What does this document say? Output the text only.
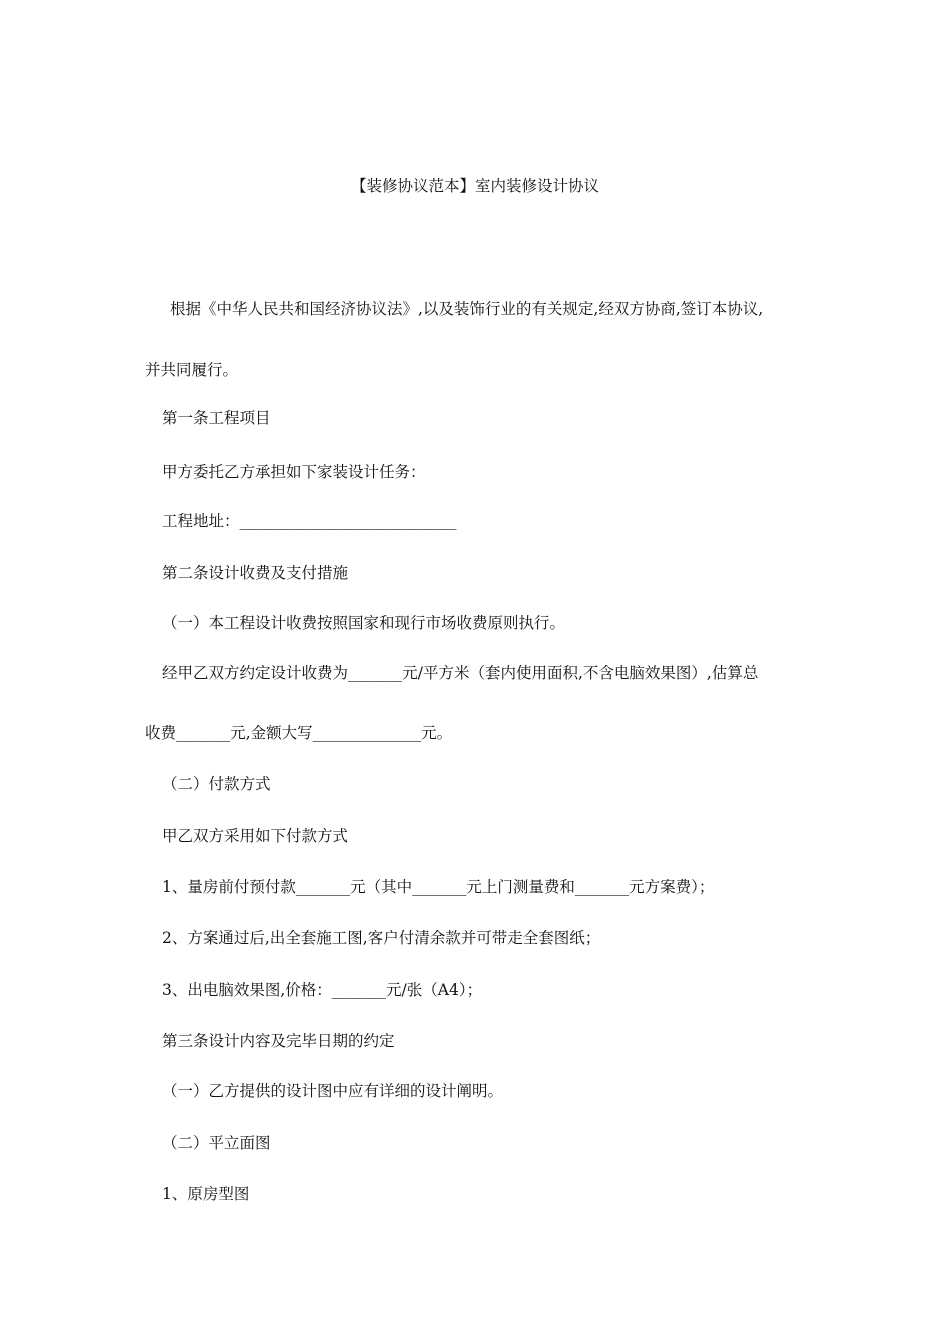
【装修协议范本】室内装修设计协议
根据《中华人民共和国经济协议法》,以及装饰行业的有关规定,经双方协商,签订本协议,
并共同履行。
第一条工程项目
甲方委托乙方承担如下家装设计任务：
工程地址：____________________________
第二条设计收费及支付措施
（一）本工程设计收费按照国家和现行市场收费原则执行。
经甲乙双方约定设计收费为_______元/平方米（套内使用面积,不含电脑效果图）,估算总
收费_______元,金额大写______________元。
（二）付款方式
甲乙双方采用如下付款方式
1、量房前付预付款_______元（其中_______元上门测量费和_______元方案费）；
2、方案通过后,出全套施工图,客户付清余款并可带走全套图纸；
3、出电脑效果图,价格：_______元/张（A4）；
第三条设计内容及完毕日期的约定
（一）乙方提供的设计图中应有详细的设计阐明。
（二）平立面图
1、原房型图
